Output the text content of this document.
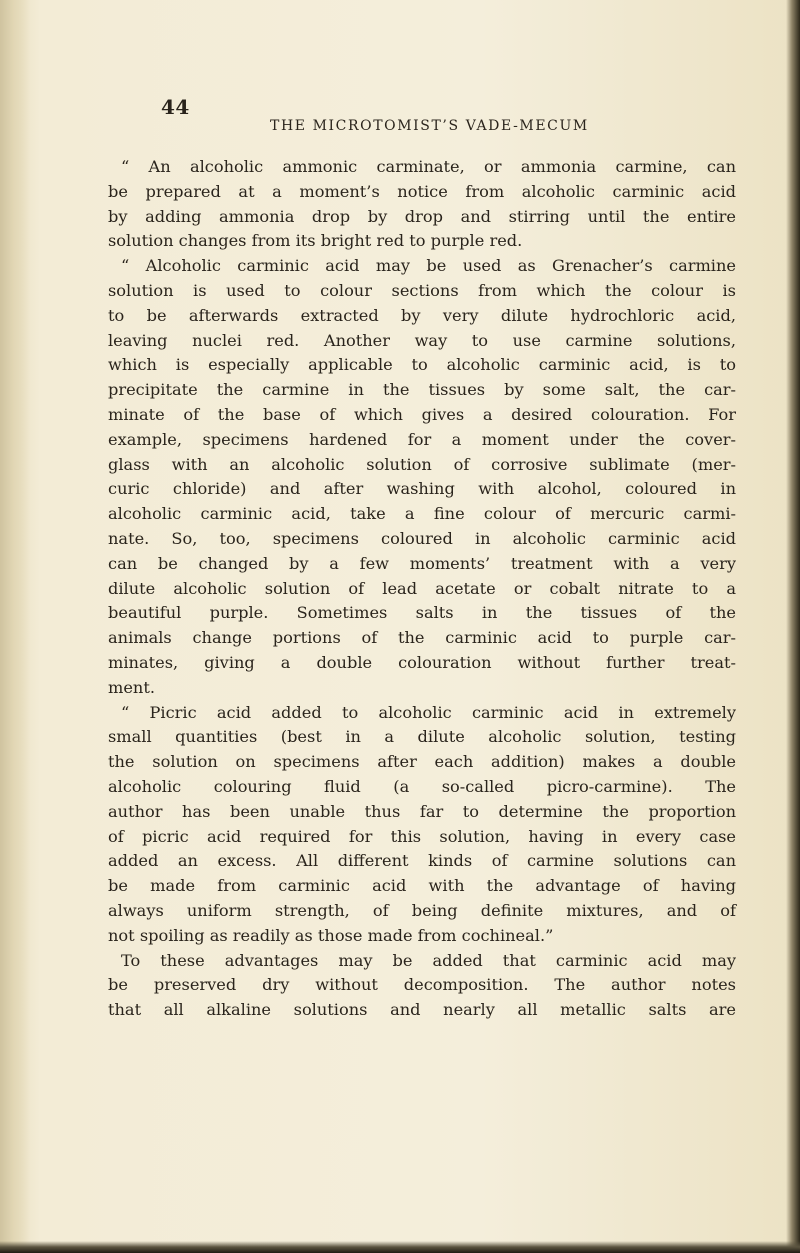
44
THE MICROTOMIST’S VADE-MECUM
“ An alcoholic ammonic carminate, or ammonia carmine, can
be prepared at a moment’s notice from alcoholic carminic acid
by adding ammonia drop by drop and stirring until the entire
solution changes from its bright red to purple red.
“ Alcoholic carminic acid may be used as Grenacher’s carmine
solution is used to colour sections from which the colour is
to be afterwards extracted by very dilute hydrochloric acid,
leaving nuclei red. Another way to use carmine solutions,
which is especially applicable to alcoholic carminic acid, is to
precipitate the carmine in the tissues by some salt, the car-
minate of the base of which gives a desired colouration. For
example, specimens hardened for a moment under the cover-
glass with an alcoholic solution of corrosive sublimate (mer-
curic chloride) and after washing with alcohol, coloured in
alcoholic carminic acid, take a fine colour of mercuric carmi-
nate. So, too, specimens coloured in alcoholic carminic acid
can be changed by a few moments’ treatment with a very
dilute alcoholic solution of lead acetate or cobalt nitrate to a
beautiful purple. Sometimes salts in the tissues of the
animals change portions of the carminic acid to purple car-
minates, giving a double colouration without further treat-
ment.
“ Picric acid added to alcoholic carminic acid in extremely
small quantities (best in a dilute alcoholic solution, testing
the solution on specimens after each addition) makes a double
alcoholic colouring fluid (a so-called picro-carmine). The
author has been unable thus far to determine the proportion
of picric acid required for this solution, having in every case
added an excess. All different kinds of carmine solutions can
be made from carminic acid with the advantage of having
always uniform strength, of being definite mixtures, and of
not spoiling as readily as those made from cochineal.”
To these advantages may be added that carminic acid may
be preserved dry without decomposition. The author notes
that all alkaline solutions and nearly all metallic salts are
